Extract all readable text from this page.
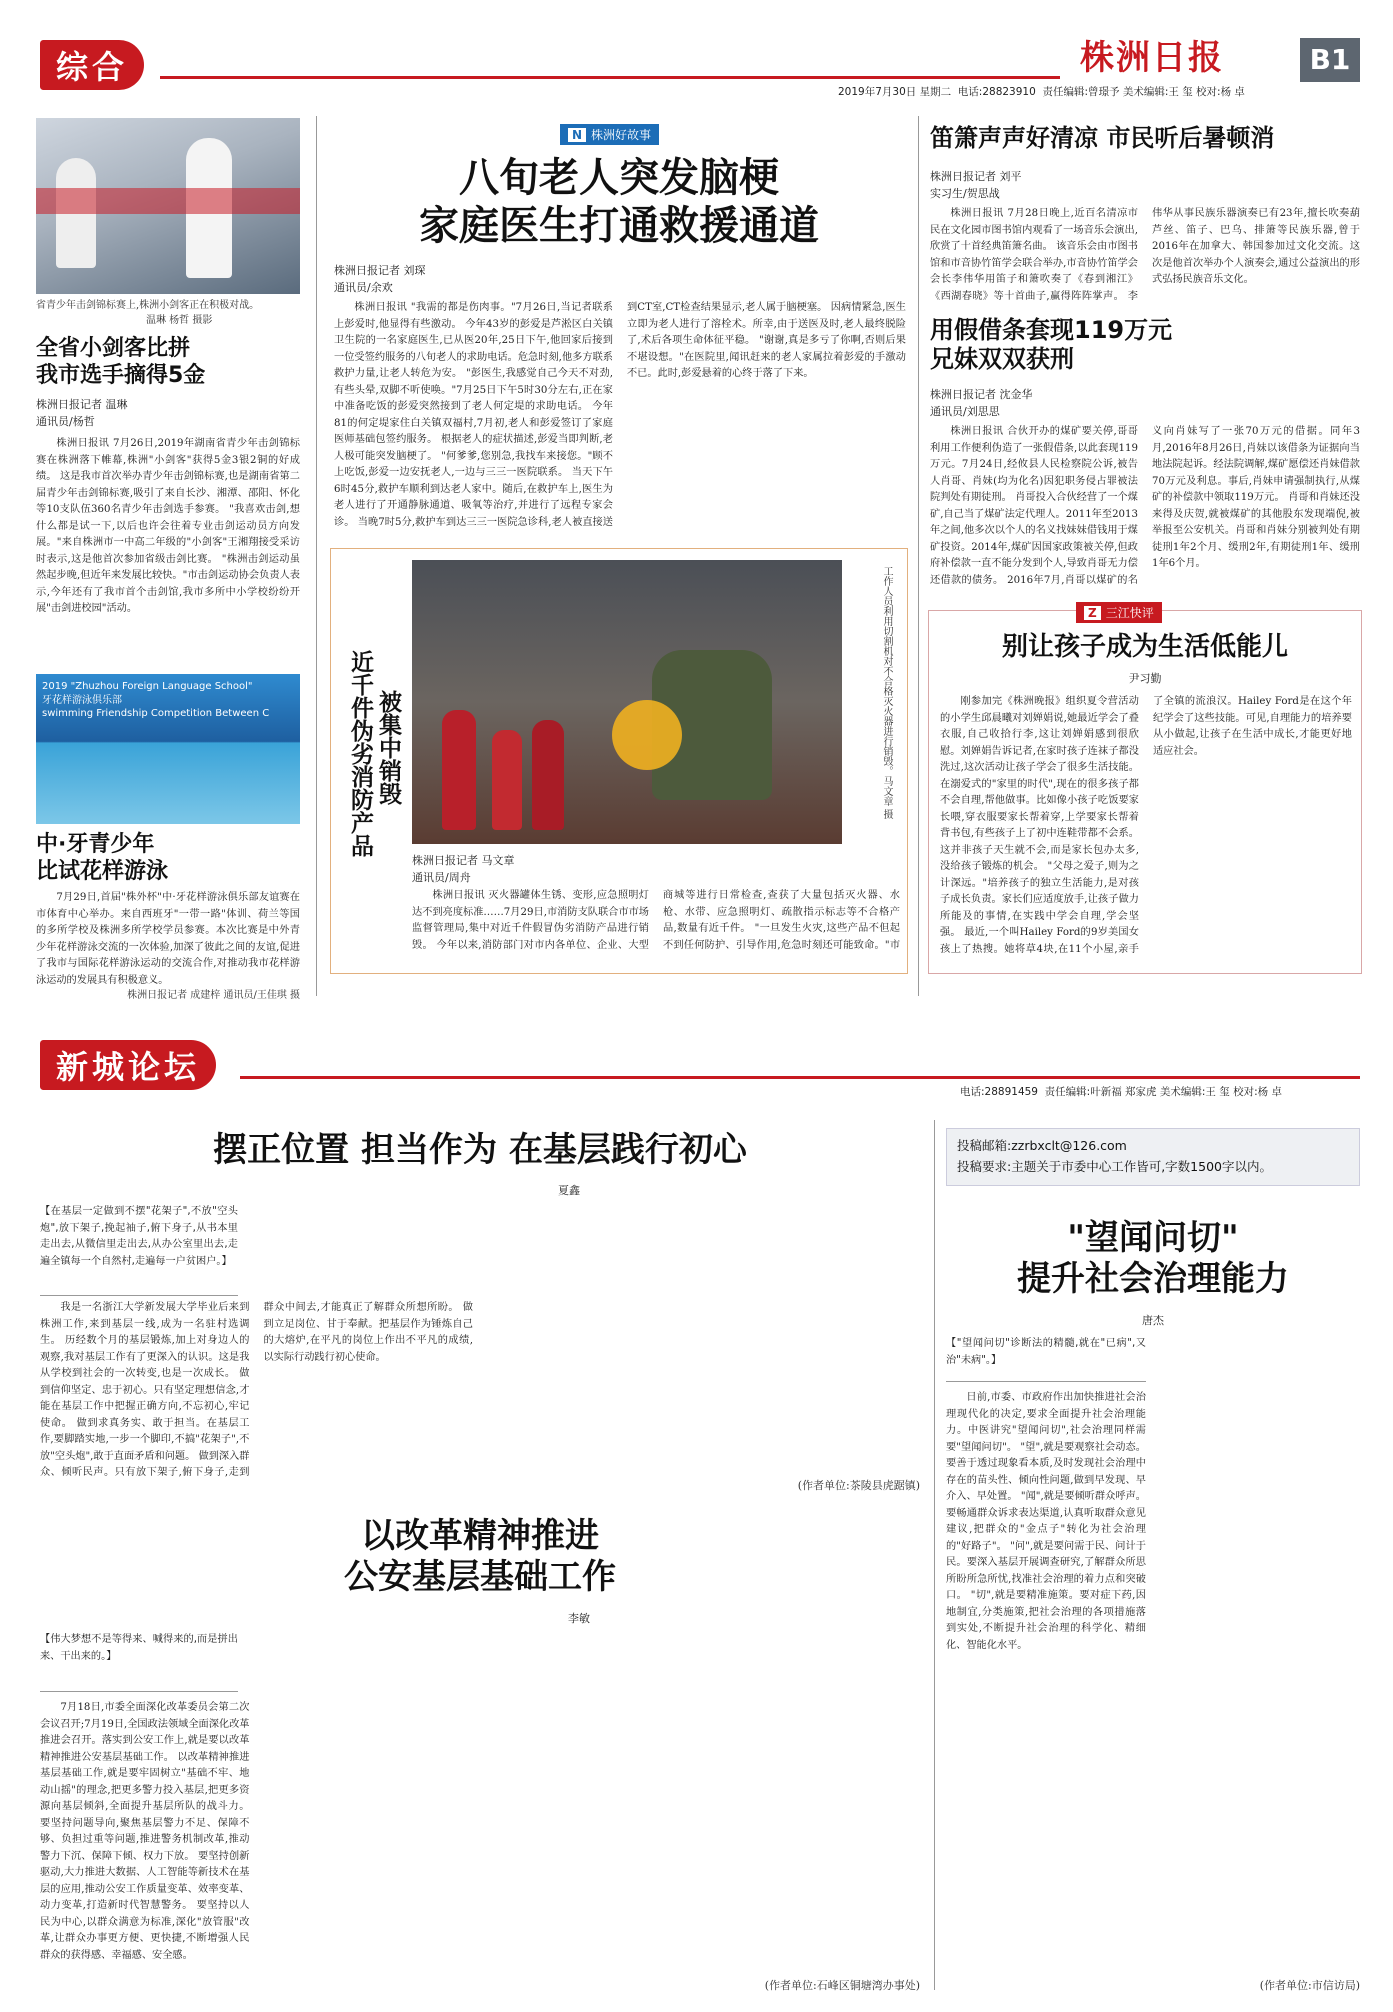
综合	株洲日报	B1
2019年7月30日 星期二 电话:28823910 责任编辑:曾璟予 美术编辑:王 玺 校对:杨 卓
省青少年击剑锦标赛上,株洲小剑客正在积极对战。
温琳 杨哲 摄影
全省小剑客比拼
我市选手摘得5金
株洲日报记者 温琳
通讯员/杨哲
株洲日报讯 7月26日,2019年湖南省青少年击剑锦标赛在株洲落下帷幕,株洲"小剑客"获得5金3银2铜的好成绩。 这是我市首次举办青少年击剑锦标赛,也是湖南省第二届青少年击剑锦标赛,吸引了来自长沙、湘潭、邵阳、怀化等10支队伍360名青少年击剑选手参赛。 "我喜欢击剑,想什么都是试一下,以后也许会往着专业击剑运动员方向发展。"来自株洲市一中高二年级的"小剑客"王湘翔接受采访时表示,这是他首次参加省级击剑比赛。 "株洲击剑运动虽然起步晚,但近年来发展比较快。"市击剑运动协会负责人表示,今年还有了我市首个击剑馆,我市多所中小学校纷纷开展"击剑进校园"活动。
2019 "Zhuzhou Foreign Language School"
牙花样游泳俱乐部
swimming Friendship Competition Between C
中·牙青少年
比试花样游泳
7月29日,首届"株外杯"中·牙花样游泳俱乐部友谊赛在市体育中心举办。来自西班牙"一带一路"体训、荷兰等国的多所学校及株洲多所学校学员参赛。本次比赛是中外青少年花样游泳交流的一次体验,加深了彼此之间的友谊,促进了我市与国际花样游泳运动的交流合作,对推动我市花样游泳运动的发展具有积极意义。
株洲日报记者 成建梓 通讯员/王佳琪 摄
N 株洲好故事
八旬老人突发脑梗
家庭医生打通救援通道
株洲日报记者 刘琛
通讯员/余欢
株洲日报讯 "我需的都是伤肉事。"7月26日,当记者联系上彭爱时,他显得有些激动。 今年43岁的彭爱是芦淞区白关镇卫生院的一名家庭医生,已从医20年,25日下午,他回家后接到一位受签约服务的八旬老人的求助电话。危急时刻,他多方联系救护力量,让老人转危为安。 "彭医生,我感觉自己今天不对劲,有些头晕,双脚不听使唤。"7月25日下午5时30分左右,正在家中准备吃饭的彭爱突然接到了老人何定堤的求助电话。 今年81的何定堤家住白关镇双福村,7月初,老人和彭爱签订了家庭医师基础包签约服务。 根据老人的症状描述,彭爱当即判断,老人极可能突发脑梗了。 "何爹爹,您别急,我找车来接您。"顾不上吃饭,彭爱一边安抚老人,一边与三三一医院联系。 当天下午6时45分,救护车顺利到达老人家中。随后,在救护车上,医生为老人进行了开通静脉通道、吸氧等治疗,并进行了远程专家会诊。 当晚7时5分,救护车到达三三一医院急诊科,老人被直接送到CT室,CT检查结果显示,老人属于脑梗塞。 因病情紧急,医生立即为老人进行了溶栓术。所幸,由于送医及时,老人最终脱险了,术后各项生命体征平稳。 "谢谢,真是多亏了你啊,否则后果不堪设想。"在医院里,闻讯赶来的老人家属拉着彭爱的手激动不已。此时,彭爱悬着的心终于落了下来。
近千件伪劣消防产品 被集中销毁	工作人员利用切割机对不合格灭火器进行销毁。马文章 摄
株洲日报记者 马文章
通讯员/周舟
株洲日报讯 灭火器罐体生锈、变形,应急照明灯达不到亮度标准……7月29日,市消防支队联合市市场监督管理局,集中对近千件假冒伪劣消防产品进行销毁。 今年以来,消防部门对市内各单位、企业、大型商城等进行日常检查,查获了大量包括灭火器、水枪、水带、应急照明灯、疏散指示标志等不合格产品,数量有近千件。 "一旦发生火灾,这些产品不但起不到任何防护、引导作用,危急时刻还可能致命。"市
笛箫声声好清凉 市民听后暑顿消
株洲日报记者 刘平
实习生/贺思战
株洲日报讯 7月28日晚上,近百名清凉市民在文化园市图书馆内观看了一场音乐会演出,欣赏了十首经典笛箫名曲。 该音乐会由市图书馆和市音协竹笛学会联合举办,市音协竹笛学会会长李伟华用笛子和箫吹奏了《春到湘江》《西湖春晓》等十首曲子,赢得阵阵掌声。 李伟华从事民族乐器演奏已有23年,擅长吹奏葫芦丝、笛子、巴乌、排箫等民族乐器,曾于2016年在加拿大、韩国参加过文化交流。这次是他首次举办个人演奏会,通过公益演出的形式弘扬民族音乐文化。
用假借条套现119万元
兄妹双双获刑
株洲日报记者 沈金华
通讯员/刘思思
株洲日报讯 合伙开办的煤矿要关停,哥哥利用工作便利伪造了一张假借条,以此套现119万元。7月24日,经攸县人民检察院公诉,被告人肖哥、肖妹(均为化名)因犯职务侵占罪被法院判处有期徒刑。 肖哥投入合伙经营了一个煤矿,自己当了煤矿法定代理人。2011年至2013年之间,他多次以个人的名义找妹妹借钱用于煤矿投资。2014年,煤矿因国家政策被关停,但政府补偿款一直不能分发到个人,导致肖哥无力偿还借款的债务。 2016年7月,肖哥以煤矿的名义向肖妹写了一张70万元的借据。同年3月,2016年8月26日,肖妹以该借条为证据向当地法院起诉。经法院调解,煤矿愿偿还肖妹借款70万元及利息。事后,肖妹申请强制执行,从煤矿的补偿款中领取119万元。 肖哥和肖妹还没来得及庆贺,就被煤矿的其他股东发现端倪,被举报至公安机关。肖哥和肖妹分别被判处有期徒刑1年2个月、缓刑2年,有期徒刑1年、缓刑1年6个月。
Z 三江快评
别让孩子成为生活低能儿
尹习勤
刚参加完《株洲晚报》组织夏令营活动的小学生邱晨曦对刘婵娟说,她最近学会了叠衣服,自己收拾行李,这让刘婵娟感到很欣慰。刘婵娟告诉记者,在家时孩子连袜子都没洗过,这次活动让孩子学会了很多生活技能。 在溺爱式的"家里的时代",现在的很多孩子都不会自理,帮他做事。比如像小孩子吃饭要家长喂,穿衣服要家长帮着穿,上学要家长帮着背书包,有些孩子上了初中连鞋带都不会系。这并非孩子天生就不会,而是家长包办太多,没给孩子锻炼的机会。 "父母之爱子,则为之计深远。"培养孩子的独立生活能力,是对孩子成长负责。家长们应适度放手,让孩子做力所能及的事情,在实践中学会自理,学会坚强。 最近,一个叫Hailey Ford的9岁美国女孩上了热搜。她将草4块,在11个小屋,亲手了全镇的流浪汉。Hailey Ford是在这个年纪学会了这些技能。可见,自理能力的培养要从小做起,让孩子在生活中成长,才能更好地适应社会。
新城论坛
电话:28891459 责任编辑:叶新福 郑家虎 美术编辑:王 玺 校对:杨 卓
摆正位置 担当作为 在基层践行初心
夏鑫
【在基层一定做到不摆"花架子",不放"空头炮",放下架子,挽起袖子,俯下身子,从书本里走出去,从微信里走出去,从办公室里出去,走遍全镇每一个自然村,走遍每一户贫困户。】
我是一名浙江大学新发展大学毕业后来到株洲工作,来到基层一线,成为一名驻村选调生。 历经数个月的基层锻炼,加上对身边人的观察,我对基层工作有了更深入的认识。这是我从学校到社会的一次转变,也是一次成长。 做到信仰坚定、忠于初心。只有坚定理想信念,才能在基层工作中把握正确方向,不忘初心,牢记使命。 做到求真务实、敢于担当。在基层工作,要脚踏实地,一步一个脚印,不搞"花架子",不放"空头炮",敢于直面矛盾和问题。 做到深入群众、倾听民声。只有放下架子,俯下身子,走到群众中间去,才能真正了解群众所想所盼。 做到立足岗位、甘于奉献。把基层作为锤炼自己的大熔炉,在平凡的岗位上作出不平凡的成绩,以实际行动践行初心使命。
(作者单位:茶陵县虎踞镇)
以改革精神推进
公安基层基础工作
李敏
【伟大梦想不是等得来、喊得来的,而是拼出来、干出来的。】
7月18日,市委全面深化改革委员会第二次会议召开;7月19日,全国政法领域全面深化改革推进会召开。落实到公安工作上,就是要以改革精神推进公安基层基础工作。 以改革精神推进基层基础工作,就是要牢固树立"基础不牢、地动山摇"的理念,把更多警力投入基层,把更多资源向基层倾斜,全面提升基层所队的战斗力。 要坚持问题导向,聚焦基层警力不足、保障不够、负担过重等问题,推进警务机制改革,推动警力下沉、保障下倾、权力下放。 要坚持创新驱动,大力推进大数据、人工智能等新技术在基层的应用,推动公安工作质量变革、效率变革、动力变革,打造新时代智慧警务。 要坚持以人民为中心,以群众满意为标准,深化"放管服"改革,让群众办事更方便、更快捷,不断增强人民群众的获得感、幸福感、安全感。
(作者单位:石峰区铜塘湾办事处)
投稿邮箱:zzrbxclt@126.com
投稿要求:主题关于市委中心工作皆可,字数1500字以内。
"望闻问切"
提升社会治理能力
唐杰
【"望闻问切"诊断法的精髓,就在"已病",又治"未病"。】
日前,市委、市政府作出加快推进社会治理现代化的决定,要求全面提升社会治理能力。中医讲究"望闻问切",社会治理同样需要"望闻问切"。 "望",就是要观察社会动态。要善于透过现象看本质,及时发现社会治理中存在的苗头性、倾向性问题,做到早发现、早介入、早处置。 "闻",就是要倾听群众呼声。要畅通群众诉求表达渠道,认真听取群众意见建议,把群众的"金点子"转化为社会治理的"好路子"。 "问",就是要问需于民、问计于民。要深入基层开展调查研究,了解群众所思所盼所急所忧,找准社会治理的着力点和突破口。 "切",就是要精准施策。要对症下药,因地制宜,分类施策,把社会治理的各项措施落到实处,不断提升社会治理的科学化、精细化、智能化水平。
(作者单位:市信访局)
